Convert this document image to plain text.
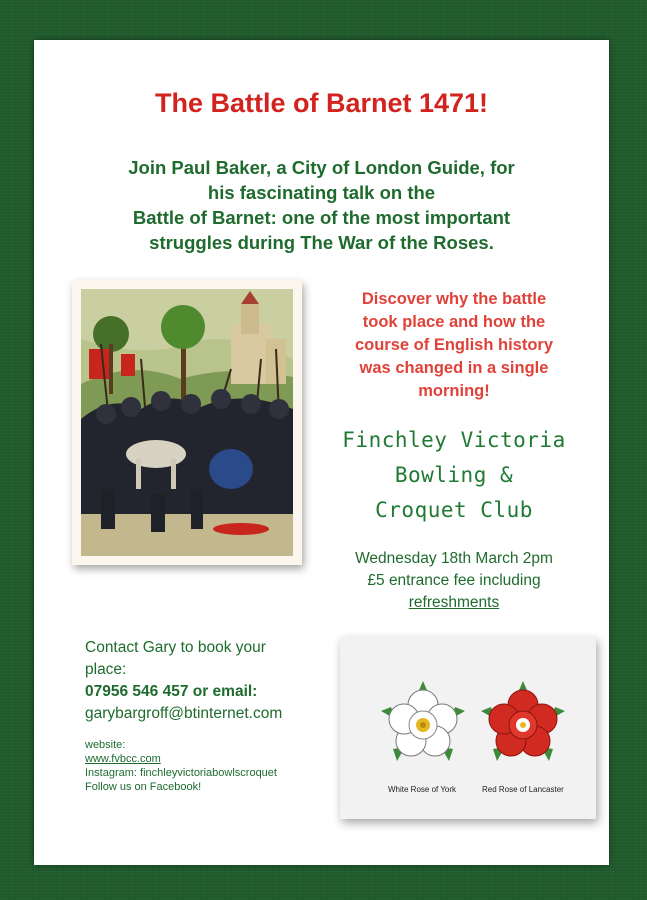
The Battle of Barnet 1471!

Join Paul Baker, a City of London Guide, for
his fascinating talk on the
Battle of Barnet: one of the most important
struggles during The War of the Roses.

Discover why the battle
took place and how the
course of English history
was changed in a single
morning!

Finchley Victoria
Bowling &
Croquet Club

Wednesday 18th March 2pm
£5 entrance fee including
refreshments

Contact Gary to book your
place:
07956 546 457 or email:
garybargroff@btinternet.com

website:
www.fvbcc.com
Instagram: finchleyvictoriabowlscroquet
Follow us on Facebook!	White Rose of York	Red Rose of Lancaster
